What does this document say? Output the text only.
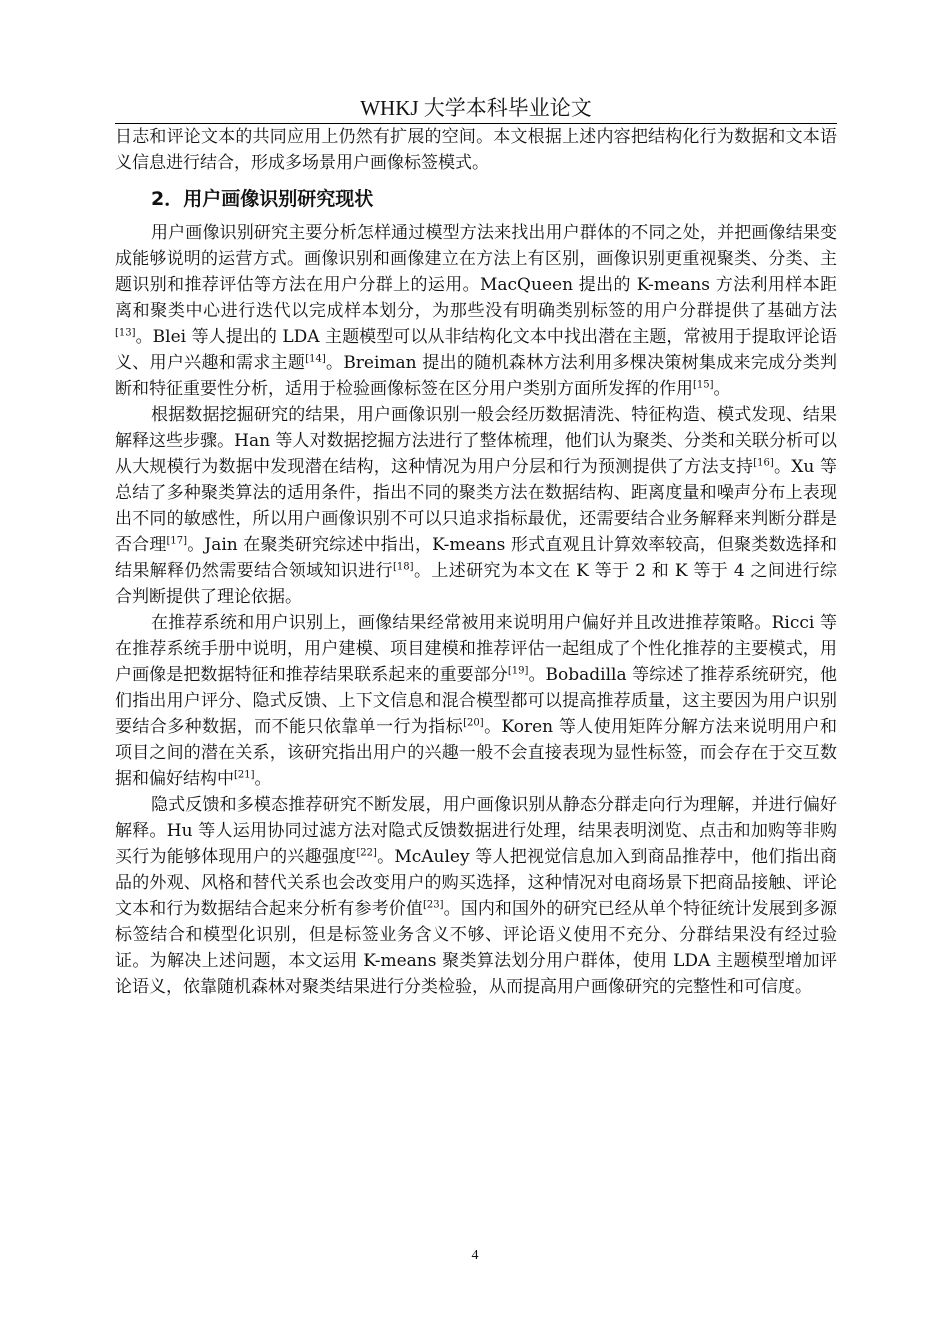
WHKJ 大学本科毕业论文

日志和评论文本的共同应用上仍然有扩展的空间。本文根据上述内容把结构化行为数据和文本语义信息进行结合，形成多场景用户画像标签模式。

2．用户画像识别研究现状

用户画像识别研究主要分析怎样通过模型方法来找出用户群体的不同之处，并把画像结果变成能够说明的运营方式。画像识别和画像建立在方法上有区别，画像识别更重视聚类、分类、主题识别和推荐评估等方法在用户分群上的运用。MacQueen 提出的 K-means 方法利用样本距离和聚类中心进行迭代以完成样本划分，为那些没有明确类别标签的用户分群提供了基础方法[13]。Blei 等人提出的 LDA 主题模型可以从非结构化文本中找出潜在主题，常被用于提取评论语义、用户兴趣和需求主题[14]。Breiman 提出的随机森林方法利用多棵决策树集成来完成分类判断和特征重要性分析，适用于检验画像标签在区分用户类别方面所发挥的作用[15]。

根据数据挖掘研究的结果，用户画像识别一般会经历数据清洗、特征构造、模式发现、结果解释这些步骤。Han 等人对数据挖掘方法进行了整体梳理，他们认为聚类、分类和关联分析可以从大规模行为数据中发现潜在结构，这种情况为用户分层和行为预测提供了方法支持[16]。Xu 等总结了多种聚类算法的适用条件，指出不同的聚类方法在数据结构、距离度量和噪声分布上表现出不同的敏感性，所以用户画像识别不可以只追求指标最优，还需要结合业务解释来判断分群是否合理[17]。Jain 在聚类研究综述中指出，K-means 形式直观且计算效率较高，但聚类数选择和结果解释仍然需要结合领域知识进行[18]。上述研究为本文在 K 等于 2 和 K 等于 4 之间进行综合判断提供了理论依据。

在推荐系统和用户识别上，画像结果经常被用来说明用户偏好并且改进推荐策略。Ricci 等在推荐系统手册中说明，用户建模、项目建模和推荐评估一起组成了个性化推荐的主要模式，用户画像是把数据特征和推荐结果联系起来的重要部分[19]。Bobadilla 等综述了推荐系统研究，他们指出用户评分、隐式反馈、上下文信息和混合模型都可以提高推荐质量，这主要因为用户识别要结合多种数据，而不能只依靠单一行为指标[20]。Koren 等人使用矩阵分解方法来说明用户和项目之间的潜在关系，该研究指出用户的兴趣一般不会直接表现为显性标签，而会存在于交互数据和偏好结构中[21]。

隐式反馈和多模态推荐研究不断发展，用户画像识别从静态分群走向行为理解，并进行偏好解释。Hu 等人运用协同过滤方法对隐式反馈数据进行处理，结果表明浏览、点击和加购等非购买行为能够体现用户的兴趣强度[22]。McAuley 等人把视觉信息加入到商品推荐中，他们指出商品的外观、风格和替代关系也会改变用户的购买选择，这种情况对电商场景下把商品接触、评论文本和行为数据结合起来分析有参考价值[23]。国内和国外的研究已经从单个特征统计发展到多源标签结合和模型化识别，但是标签业务含义不够、评论语义使用不充分、分群结果没有经过验证。为解决上述问题，本文运用 K-means 聚类算法划分用户群体，使用 LDA 主题模型增加评论语义，依靠随机森林对聚类结果进行分类检验，从而提高用户画像研究的完整性和可信度。

4
